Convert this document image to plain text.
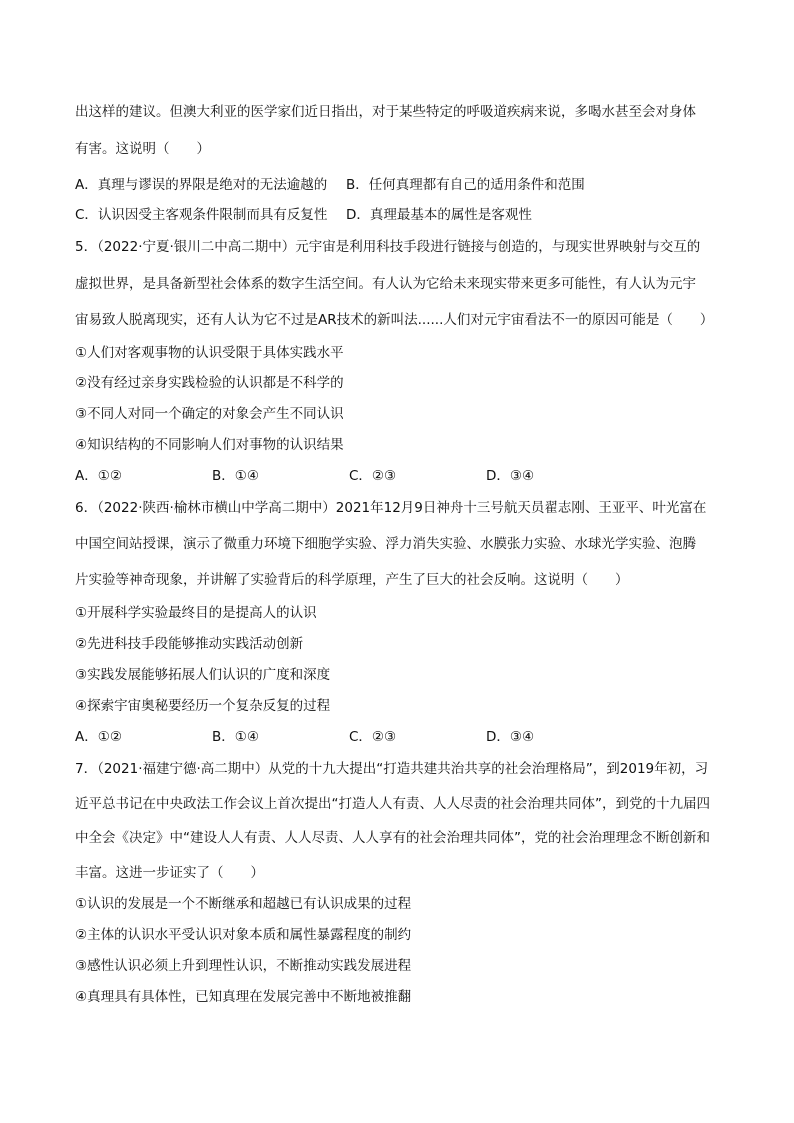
出这样的建议。但澳大利亚的医学家们近日指出，对于某些特定的呼吸道疾病来说，多喝水甚至会对身体
有害。这说明（　　）
A．真理与谬误的界限是绝对的无法逾越的	B．任何真理都有自己的适用条件和范围
C．认识因受主客观条件限制而具有反复性	D．真理最基本的属性是客观性
5．（2022·宁夏·银川二中高二期中）元宇宙是利用科技手段进行链接与创造的，与现实世界映射与交互的
虚拟世界，是具备新型社会体系的数字生活空间。有人认为它给未来现实带来更多可能性，有人认为元宇
宙易致人脱离现实，还有人认为它不过是AR技术的新叫法......人们对元宇宙看法不一的原因可能是（　　）
①人们对客观事物的认识受限于具体实践水平
②没有经过亲身实践检验的认识都是不科学的
③不同人对同一个确定的对象会产生不同认识
④知识结构的不同影响人们对事物的认识结果
A．①②	B．①④	C．②③	D．③④
6．（2022·陕西·榆林市横山中学高二期中）2021年12月9日神舟十三号航天员翟志刚、王亚平、叶光富在
中国空间站授课，演示了微重力环境下细胞学实验、浮力消失实验、水膜张力实验、水球光学实验、泡腾
片实验等神奇现象，并讲解了实验背后的科学原理，产生了巨大的社会反响。这说明（　　）
①开展科学实验最终目的是提高人的认识
②先进科技手段能够推动实践活动创新
③实践发展能够拓展人们认识的广度和深度
④探索宇宙奥秘要经历一个复杂反复的过程
A．①②	B．①④	C．②③	D．③④
7．（2021·福建宁德·高二期中）从党的十九大提出“打造共建共治共享的社会治理格局”，到2019年初，习
近平总书记在中央政法工作会议上首次提出“打造人人有责、人人尽责的社会治理共同体”，到党的十九届四
中全会《决定》中“建设人人有责、人人尽责、人人享有的社会治理共同体”，党的社会治理理念不断创新和
丰富。这进一步证实了（　　）
①认识的发展是一个不断继承和超越已有认识成果的过程
②主体的认识水平受认识对象本质和属性暴露程度的制约
③感性认识必须上升到理性认识，不断推动实践发展进程
④真理具有具体性，已知真理在发展完善中不断地被推翻
